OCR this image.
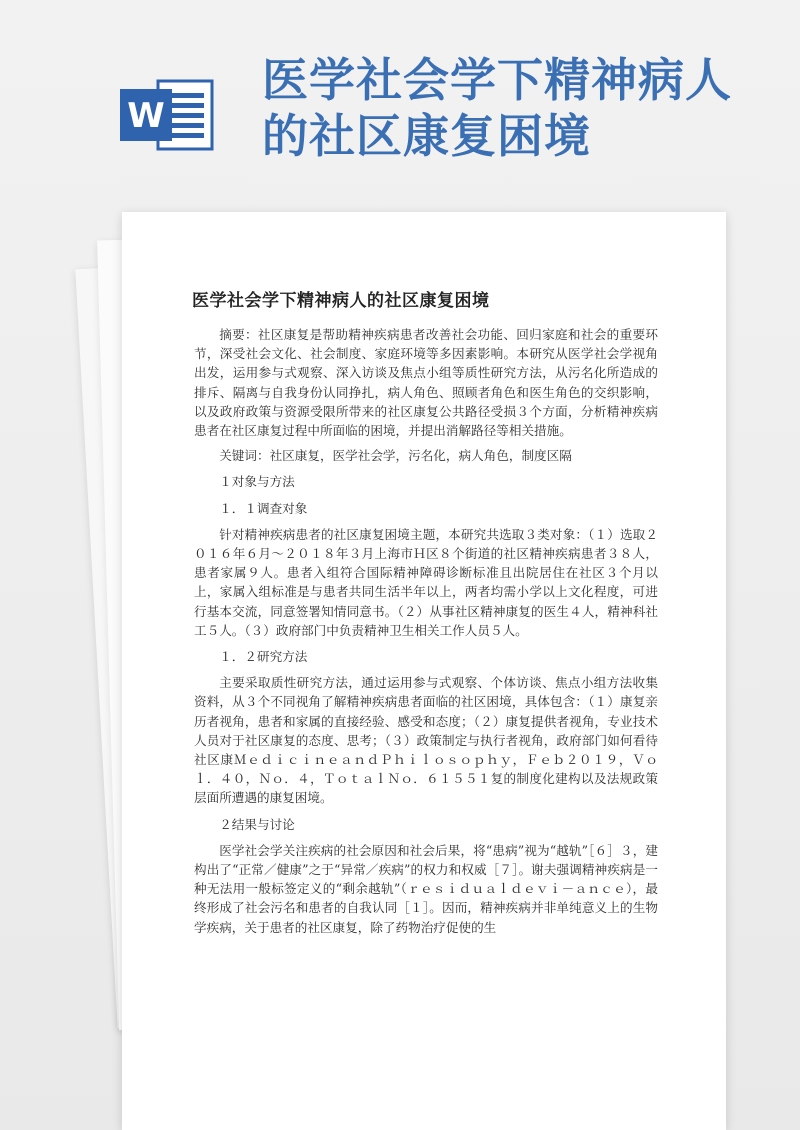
W
医学社会学下精神病人
的社区康复困境
医学社会学下精神病人的社区康复困境

摘要：社区康复是帮助精神疾病患者改善社会功能、回归家庭和社会的重要环节，深受社会文化、社会制度、家庭环境等多因素影响。本研究从医学社会学视角出发，运用参与式观察、深入访谈及焦点小组等质性研究方法，从污名化所造成的排斥、隔离与自我身份认同挣扎，病人角色、照顾者角色和医生角色的交织影响，以及政府政策与资源受限所带来的社区康复公共路径受损３个方面，分析精神疾病患者在社区康复过程中所面临的困境，并提出消解路径等相关措施。

关键词：社区康复，医学社会学，污名化，病人角色，制度区隔

１对象与方法

１．１调查对象

针对精神疾病患者的社区康复困境主题，本研究共选取３类对象：（１）选取２０１６年６月～２０１８年３月上海市Ｈ区８个街道的社区精神疾病患者３８人，患者家属９人。患者入组符合国际精神障碍诊断标准且出院居住在社区３个月以上，家属入组标准是与患者共同生活半年以上，两者均需小学以上文化程度，可进行基本交流，同意签署知情同意书。（２）从事社区精神康复的医生４人，精神科社工５人。（３）政府部门中负责精神卫生相关工作人员５人。

１．２研究方法

主要采取质性研究方法，通过运用参与式观察、个体访谈、焦点小组方法收集资料，从３个不同视角了解精神疾病患者面临的社区困境，具体包含：（１）康复亲历者视角，患者和家属的直接经验、感受和态度；（２）康复提供者视角，专业技术人员对于社区康复的态度、思考；（３）政策制定与执行者视角，政府部门如何看待社区康ＭｅｄｉｃｉｎｅａｎｄＰｈｉｌｏｓｏｐｈｙ，Ｆｅｂ２０１９，Ｖｏｌ．４０，Ｎｏ．４，ＴｏｔａｌＮｏ．６１５５１复的制度化建构以及法规政策层面所遭遇的康复困境。

２结果与讨论

医学社会学关注疾病的社会原因和社会后果，将“患病”视为“越轨”［６］３，建构出了“正常／健康”之于“异常／疾病”的权力和权威［７］。谢夫强调精神疾病是一种无法用一般标签定义的“剩余越轨”（ｒｅｓｉｄｕａｌｄｅｖｉ－ａｎｃｅ），最终形成了社会污名和患者的自我认同［１］。因而，精神疾病并非单纯意义上的生物学疾病，关于患者的社区康复，除了药物治疗促使的生
